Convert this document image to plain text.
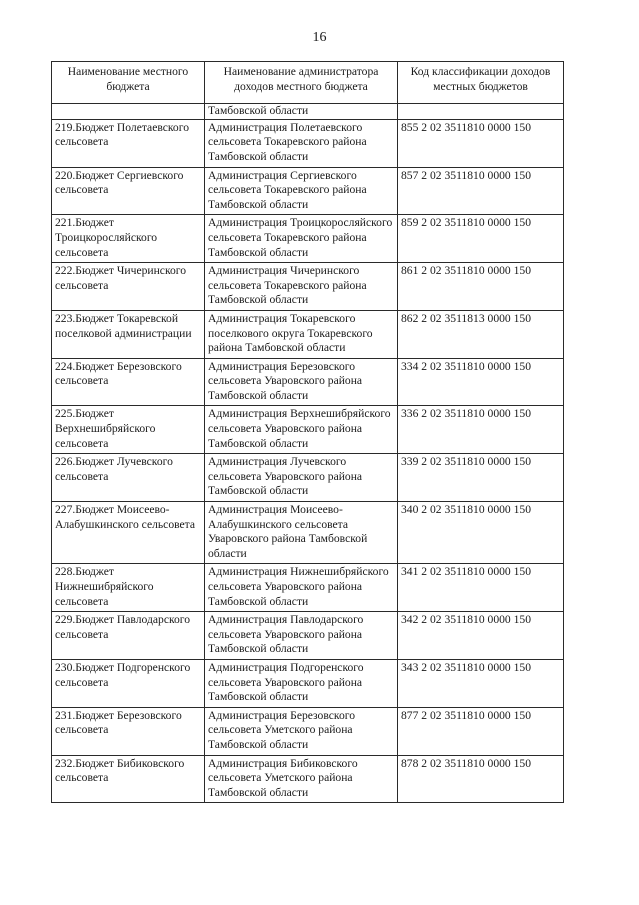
16
Наименование местного бюджета	Наименование администратора доходов местного бюджета	Код классификации доходов местных бюджетов
	Тамбовской области	
219.Бюджет Полетаевского сельсовета	Администрация Полетаевского сельсовета Токаревского района Тамбовской области	855 2 02 3511810 0000 150
220.Бюджет Сергиевского сельсовета	Администрация Сергиевского сельсовета Токаревского района Тамбовской области	857 2 02 3511810 0000 150
221.Бюджет Троицкоросляйского сельсовета	Администрация Троицкоросляйского сельсовета Токаревского района Тамбовской области	859 2 02 3511810 0000 150
222.Бюджет Чичеринского сельсовета	Администрация Чичеринского сельсовета Токаревского района Тамбовской области	861 2 02 3511810 0000 150
223.Бюджет Токаревской поселковой администрации	Администрация Токаревского поселкового округа Токаревского района Тамбовской области	862 2 02 3511813 0000 150
224.Бюджет Березовского сельсовета	Администрация Березовского сельсовета Уваровского района Тамбовской области	334 2 02 3511810 0000 150
225.Бюджет Верхнешибряйского сельсовета	Администрация Верхнешибряйского сельсовета Уваровского района Тамбовской области	336 2 02 3511810 0000 150
226.Бюджет Лучевского сельсовета	Администрация Лучевского сельсовета Уваровского района Тамбовской области	339 2 02 3511810 0000 150
227.Бюджет Моисеево-Алабушкинского сельсовета	Администрация Моисеево-Алабушкинского сельсовета Уваровского района Тамбовской области	340 2 02 3511810 0000 150
228.Бюджет Нижнешибряйского сельсовета	Администрация Нижнешибряйского сельсовета Уваровского района Тамбовской области	341 2 02 3511810 0000 150
229.Бюджет Павлодарского сельсовета	Администрация Павлодарского сельсовета Уваровского района Тамбовской области	342 2 02 3511810 0000 150
230.Бюджет Подгоренского сельсовета	Администрация Подгоренского сельсовета Уваровского района Тамбовской области	343 2 02 3511810 0000 150
231.Бюджет Березовского сельсовета	Администрация Березовского сельсовета Уметского района Тамбовской области	877 2 02 3511810 0000 150
232.Бюджет Бибиковского сельсовета	Администрация Бибиковского сельсовета Уметского района Тамбовской области	878 2 02 3511810 0000 150
